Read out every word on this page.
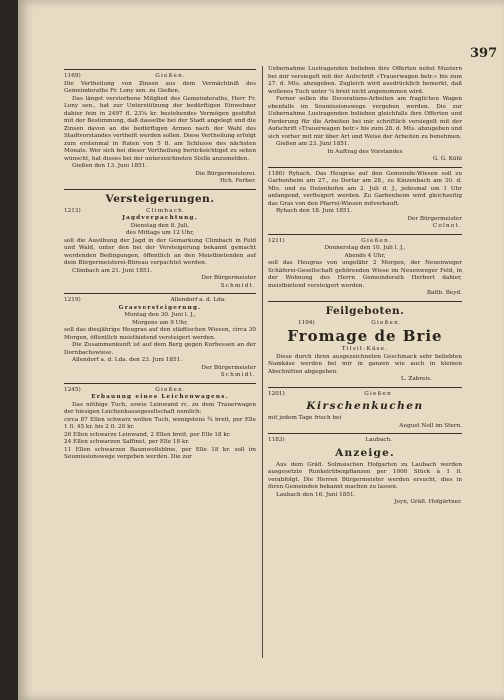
397
1169)	Gießen.

Die Vertheilung von Zinsen aus dem Vermächtniß des Gemeinderaths Fr. Lony sen. zu Gießen.

Das längst verstorbene Mitglied des Gemeinderaths, Herr Fr. Lony sen., hat zur Unterstützung der bedürftigen Einwohner dahier fein in 2497 fl. 23⅝ kr. bestehendes Vermögen gestiftet mit der Bestimmung, daß dasselbe bei der Stadt angelegt und die Zinsen davon an die bedürftigen Armen nach der Wahl des Stadtvorstandes vertheilt werden sollen. Diese Vertheilung erfolgt zum erstenmal in Raten von 5 fl. am Schlusse des nächsten Monats. Wer sich bei dieser Vertheilung berücksichtiget zu sehen wünscht, hat dieses bei der unterzeichneten Stelle anzumelden.

Gießen den 13. Juni 1851.

Die Bürgermeisterei.
Hch. Ferber.
Versteigerungen.
1213)	Climbach.
Jagdverpachtung.
Dienstag den 8. Juli,
des Mittags um 12 Uhr,

soll die Ausübung der Jagd in der Gemarkung Climbach in Feld und Wald, unter den bei der Versteigerung bekannt gemacht werdenden Bedingungen, öffentlich an den Meistbietenden auf dem Bürgermeisterei-Büreau verpachtet werden.

Climbach am 21. Juni 1851.

Der Bürgermeister
Schmidt.
1219)	Allendorf a. d. Lda.
Grasversteigerung.
Montag den 30. Juni l. J.,
Morgens um 9 Uhr,

soll das diesjährige Heugras auf den städtischen Wiesen, circa 30 Morgen, öffentlich meistbietend versteigert werden.

Die Zusammenkunft ist auf dem Berg gegen Kurhessen an der Dornbachswiese.

Allendorf a. d. Lda. den 23. Juni 1851.

Der Bürgermeister
Schmidt.
1245)	Gießen.
Erbauung eines Leichenwagens.

Das nöthige Tuch, sowie Leinwand rc. zu dem Trauerwagen der hiesigen Leichenkassegesellschaft nemlich:

circa 87 Ellen schwarz wollen Tuch, wenigstens ¾ breit, per Elle 1 fl. 45 kr. bis 2 fl. 20 kr.

26 Ellen schwarze Leinwand, 2 Ellen breit, per Elle 18 kr.

24 Ellen schwarzen Saffinet, per Elle 18 kr.

11 Ellen schwarzen Baumwollsblme, per Elle 18 kr. soll im Soumissionswege vergeben werden. Die zur

Uebernahme Lustragenden belieben ihre Offerten nebst Mustern bei mir versiegelt mit der Aufschrift »Trauerwagen betr.« bis zum 27. d. Mts. abzugeben. Zugleich wird ausdrücklich bemerkt, daß wollenes Tuch unter ⁵⁄₄ breit nicht angenommen wird.

Ferner sollen die Decorations-Arbeiten am fraglichen Wagen ebenfalls im Soumissionswege vergeben werden. Die zur Uebernahme Lustragenden belieben gleichfalls ihre Offerten und Forderung für die Arbeiten bei mir schriftlich versiegelt mit der Aufschrift »Trauerwagen betr.« bis zum 28. d. Mts. abzugeben und sich vorher mit mir über Art und Weise der Arbeiten zu benehmen.

Gießen am 23. Juni 1851.

In Auftrag des Vorstandes
G. G. Kühl

1180) Ryhach. Das Heugras auf den Gemeinde-Wiesen soll zu Garbenheim am 27., zu Dorlar am 28., zu Kinzenbach am 30. d. Mts. und zu Dutenhofen am 2. Juli d. J., jedesmal um 1 Uhr anfangend, verfteigert werden. Zu Garbenheim wird gleichzeitig das Gras von den Pfarrei-Wiesen mitverkauft.

Ryhach den 18. Juni 1851.

Der Bürgermeister
Colnot.
1211)	Gießen.
Donnerstag den 10. Juli l. J.,
Abends 4 Uhr,

soll das Heugras von ungefähr 2 Morgen, der Neuenweger Schäferei-Gesellschaft gehörenden Wiese im Neuenweger Feld, in der Wohnung des Herrn Gemeinderath Herbert dahier, meistbietend versteigert werden.

Balth. Beyd.
Feilgeboten.
1194)	Gießen.
Fromage de Brie
Tilsit-Käse.

Diese durch ihren ausgezeichneten Geschmack sehr beliebten Namkäse werden bei mir in ganzen wie auch in kleinen Abschnitten abgegeben.

L. Zabreis.
1201)	Gießen
Kirschenkuchen

mit jedem Tage frisch bei

August Noll im Stern.
1183)	Laubach.
Anzeige.

Aus dem Gräfl. Solmsischen Hofgarten zu Laubach werden ausgesetzte Runkelrübenpflanzen per 1000 Stück à 1 fl. verabfolgt. Die Herren Bürgermeister werden ersucht, dies in ihren Gemeinden bekannt machen zu lassen.

Laubach den 16. Juni 1851.

Joyn, Gräfl. Hofgärtner.
